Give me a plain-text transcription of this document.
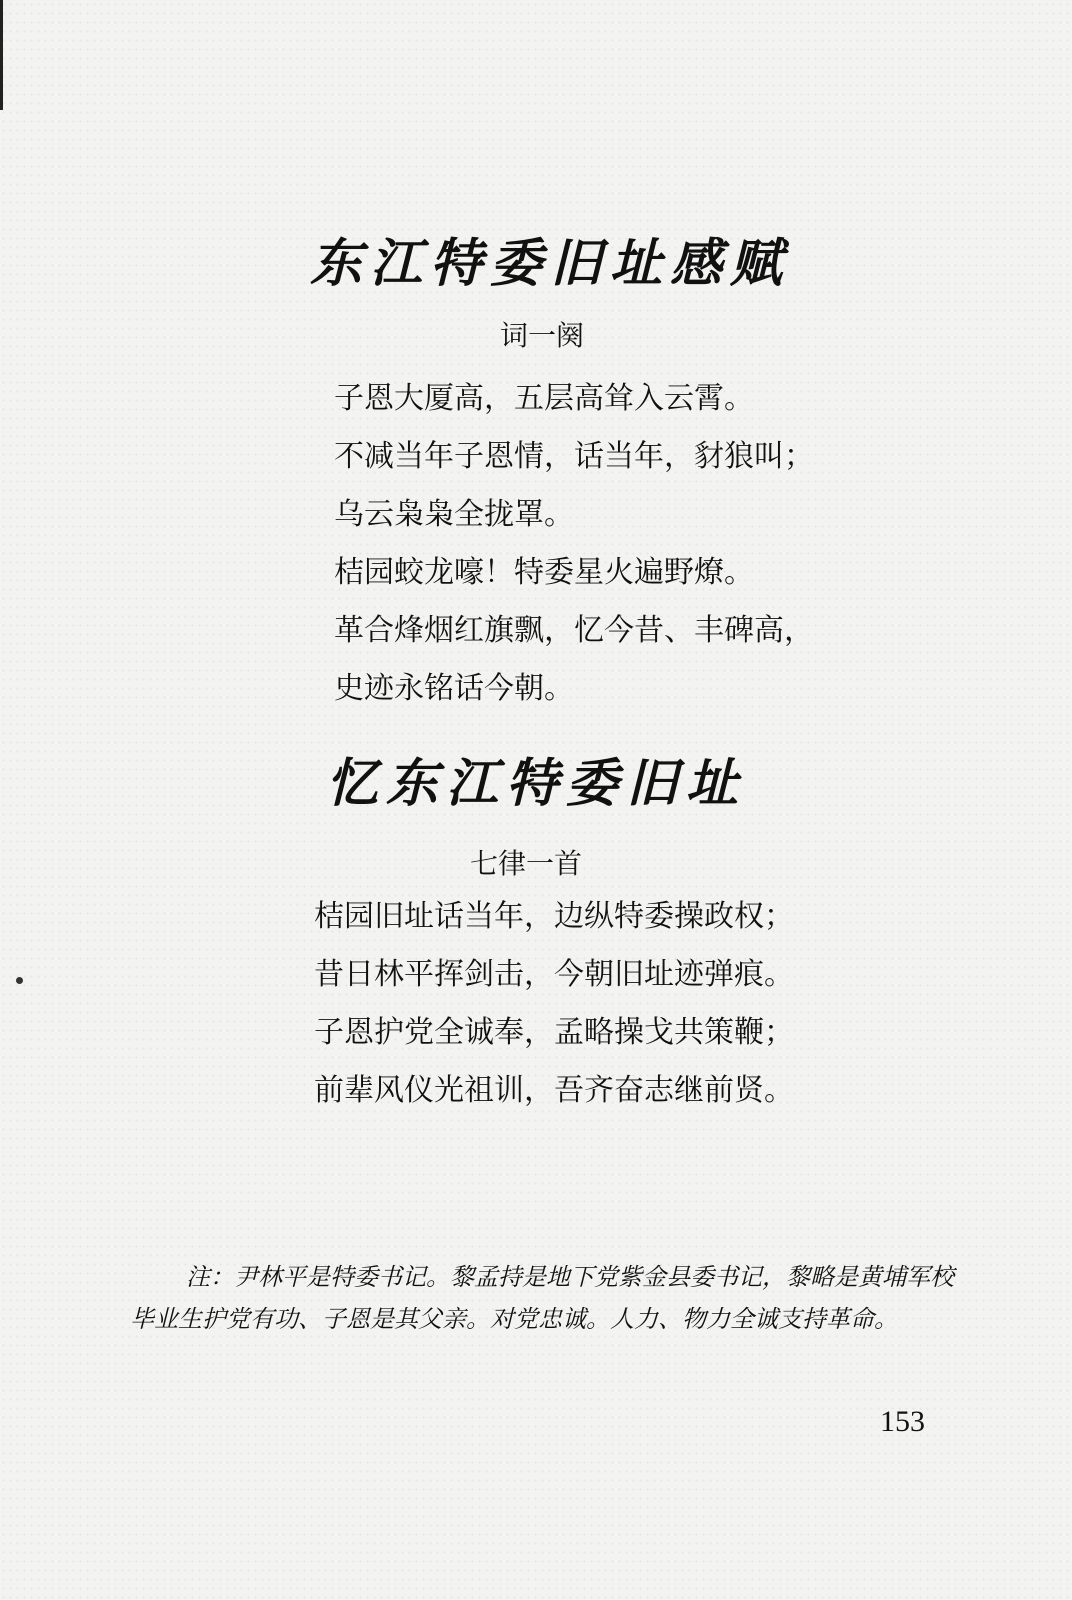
东江特委旧址感赋
词一阕
子恩大厦高，五层高耸入云霄。
不减当年子恩情，话当年，豺狼叫；
乌云枭枭全拢罩。
桔园蛟龙嚎！特委星火遍野燎。
革合烽烟红旗飘，忆今昔、丰碑高，
史迹永铭话今朝。
忆东江特委旧址
七律一首
桔园旧址话当年，边纵特委操政权；
昔日林平挥剑击，今朝旧址迹弹痕。
子恩护党全诚奉，孟略操戈共策鞭；
前辈风仪光祖训，吾齐奋志继前贤。

注：尹林平是特委书记。黎孟持是地下党紫金县委书记，黎略是黄埔军校毕业生护党有功、子恩是其父亲。对党忠诚。人力、物力全诚支持革命。

153
